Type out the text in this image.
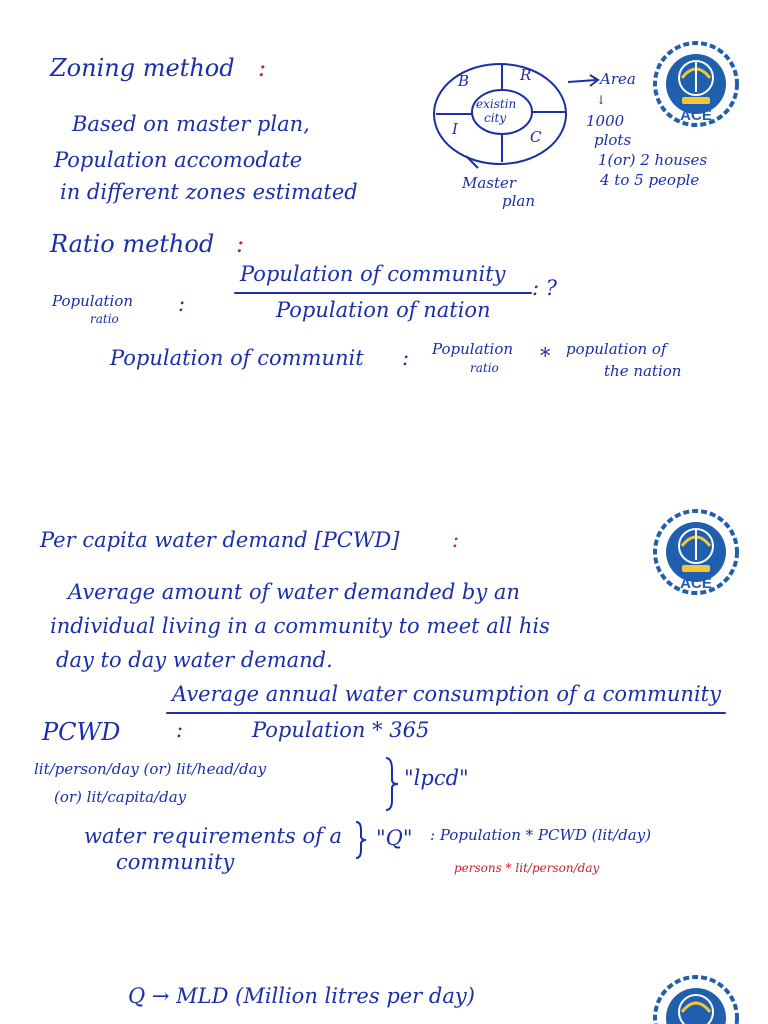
Zoning method :
Based on master plan,
Population accomodate
in different zones estimated
existin
city
B	R
I	C
Area
↓
1000
plots
1(or) 2 houses
4 to 5 people
Master
plan
ACE
Ratio method :
Population
ratio
:
Population of community
Population of nation
: ?
Population of communit : Population
ratio * population of
the nation
Per capita water demand [PCWD]	:
ACE
Average amount of water demanded by an
individual living in a community to meet all his
day to day water demand.
PCWD	:
Average annual water consumption of a community
Population * 365
lit/person/day (or) lit/head/day
(or) lit/capita/day
"lpcd"
water requirements of a
community
"Q" : Population * PCWD (lit/day)
persons * lit/person/day
Q → MLD (Million litres per day)
